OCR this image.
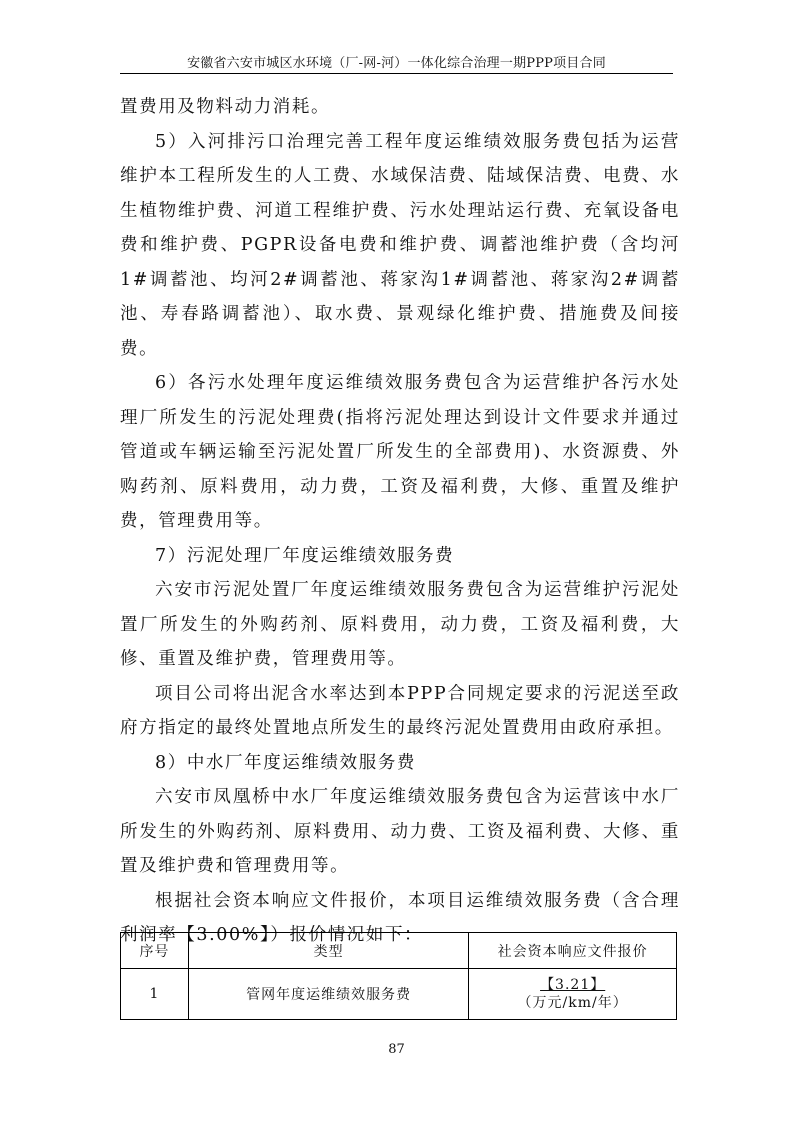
安徽省六安市城区水环境（厂-网-河）一体化综合治理一期PPP项目合同

置费用及物料动力消耗。

5）入河排污口治理完善工程年度运维绩效服务费包括为运营维护本工程所发生的人工费、水域保洁费、陆域保洁费、电费、水生植物维护费、河道工程维护费、污水处理站运行费、充氧设备电费和维护费、PGPR设备电费和维护费、调蓄池维护费（含均河1#调蓄池、均河2#调蓄池、蒋家沟1#调蓄池、蒋家沟2#调蓄池、寿春路调蓄池）、取水费、景观绿化维护费、措施费及间接费。

6）各污水处理年度运维绩效服务费包含为运营维护各污水处理厂所发生的污泥处理费(指将污泥处理达到设计文件要求并通过管道或车辆运输至污泥处置厂所发生的全部费用)、水资源费、外购药剂、原料费用，动力费，工资及福利费，大修、重置及维护费，管理费用等。

7）污泥处理厂年度运维绩效服务费

六安市污泥处置厂年度运维绩效服务费包含为运营维护污泥处置厂所发生的外购药剂、原料费用，动力费，工资及福利费，大修、重置及维护费，管理费用等。

项目公司将出泥含水率达到本PPP合同规定要求的污泥送至政府方指定的最终处置地点所发生的最终污泥处置费用由政府承担。

8）中水厂年度运维绩效服务费

六安市凤凰桥中水厂年度运维绩效服务费包含为运营该中水厂所发生的外购药剂、原料费用、动力费、工资及福利费、大修、重置及维护费和管理费用等。

根据社会资本响应文件报价，本项目运维绩效服务费（含合理利润率【3.00%】）报价情况如下：

序号	类型	社会资本响应文件报价
1	管网年度运维绩效服务费	【3.21】
（万元/km/年）
87
